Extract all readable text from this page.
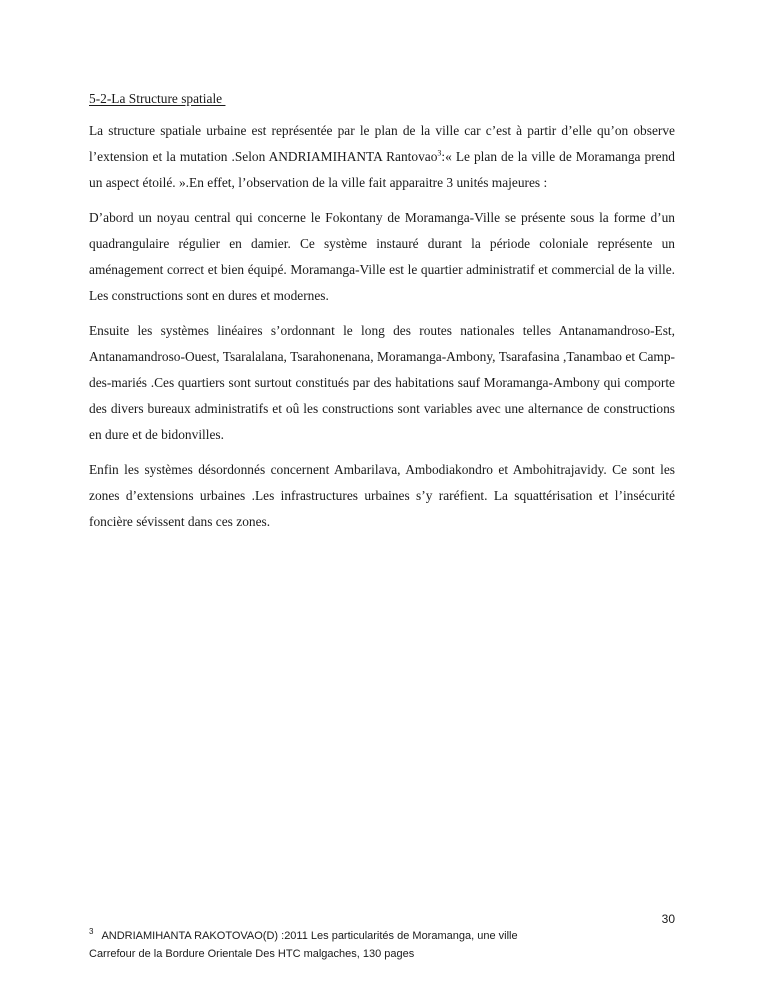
5-2-La Structure spatiale

La structure spatiale urbaine est représentée par le plan de la ville car c’est à partir d’elle qu’on observe l’extension et la mutation .Selon ANDRIAMIHANTA Rantovao$^3$:« Le plan de la ville de Moramanga prend un aspect étoilé. ».En effet, l’observation de la ville fait apparaitre 3 unités majeures :

D’abord un noyau central qui concerne le Fokontany de Moramanga-Ville se présente sous la forme d’un quadrangulaire régulier en damier. Ce système instauré durant la période coloniale représente un aménagement correct et bien équipé. Moramanga-Ville est le quartier administratif et commercial de la ville. Les constructions sont en dures et modernes.

Ensuite les systèmes linéaires s’ordonnant le long des routes nationales telles Antanamandroso-Est, Antanamandroso-Ouest, Tsaralalana, Tsarahonenana, Moramanga-Ambony, Tsarafasina ,Tanambao et Camp-des-mariés .Ces quartiers sont surtout constitués par des habitations sauf Moramanga-Ambony qui comporte des divers bureaux administratifs et oû les constructions sont variables avec une alternance de constructions en dure et de bidonvilles.

Enfin les systèmes désordonnés concernent Ambarilava, Ambodiakondro et Ambohitrajavidy. Ce sont les zones d’extensions urbaines .Les infrastructures urbaines s’y raréfient. La squattérisation et l’insécurité foncière sévissent dans ces zones.

30
$^3$ ANDRIAMIHANTA RAKOTOVAO(D) :2011 Les particularités de Moramanga, une ville
Carrefour de la Bordure Orientale Des HTC malgaches, 130 pages
